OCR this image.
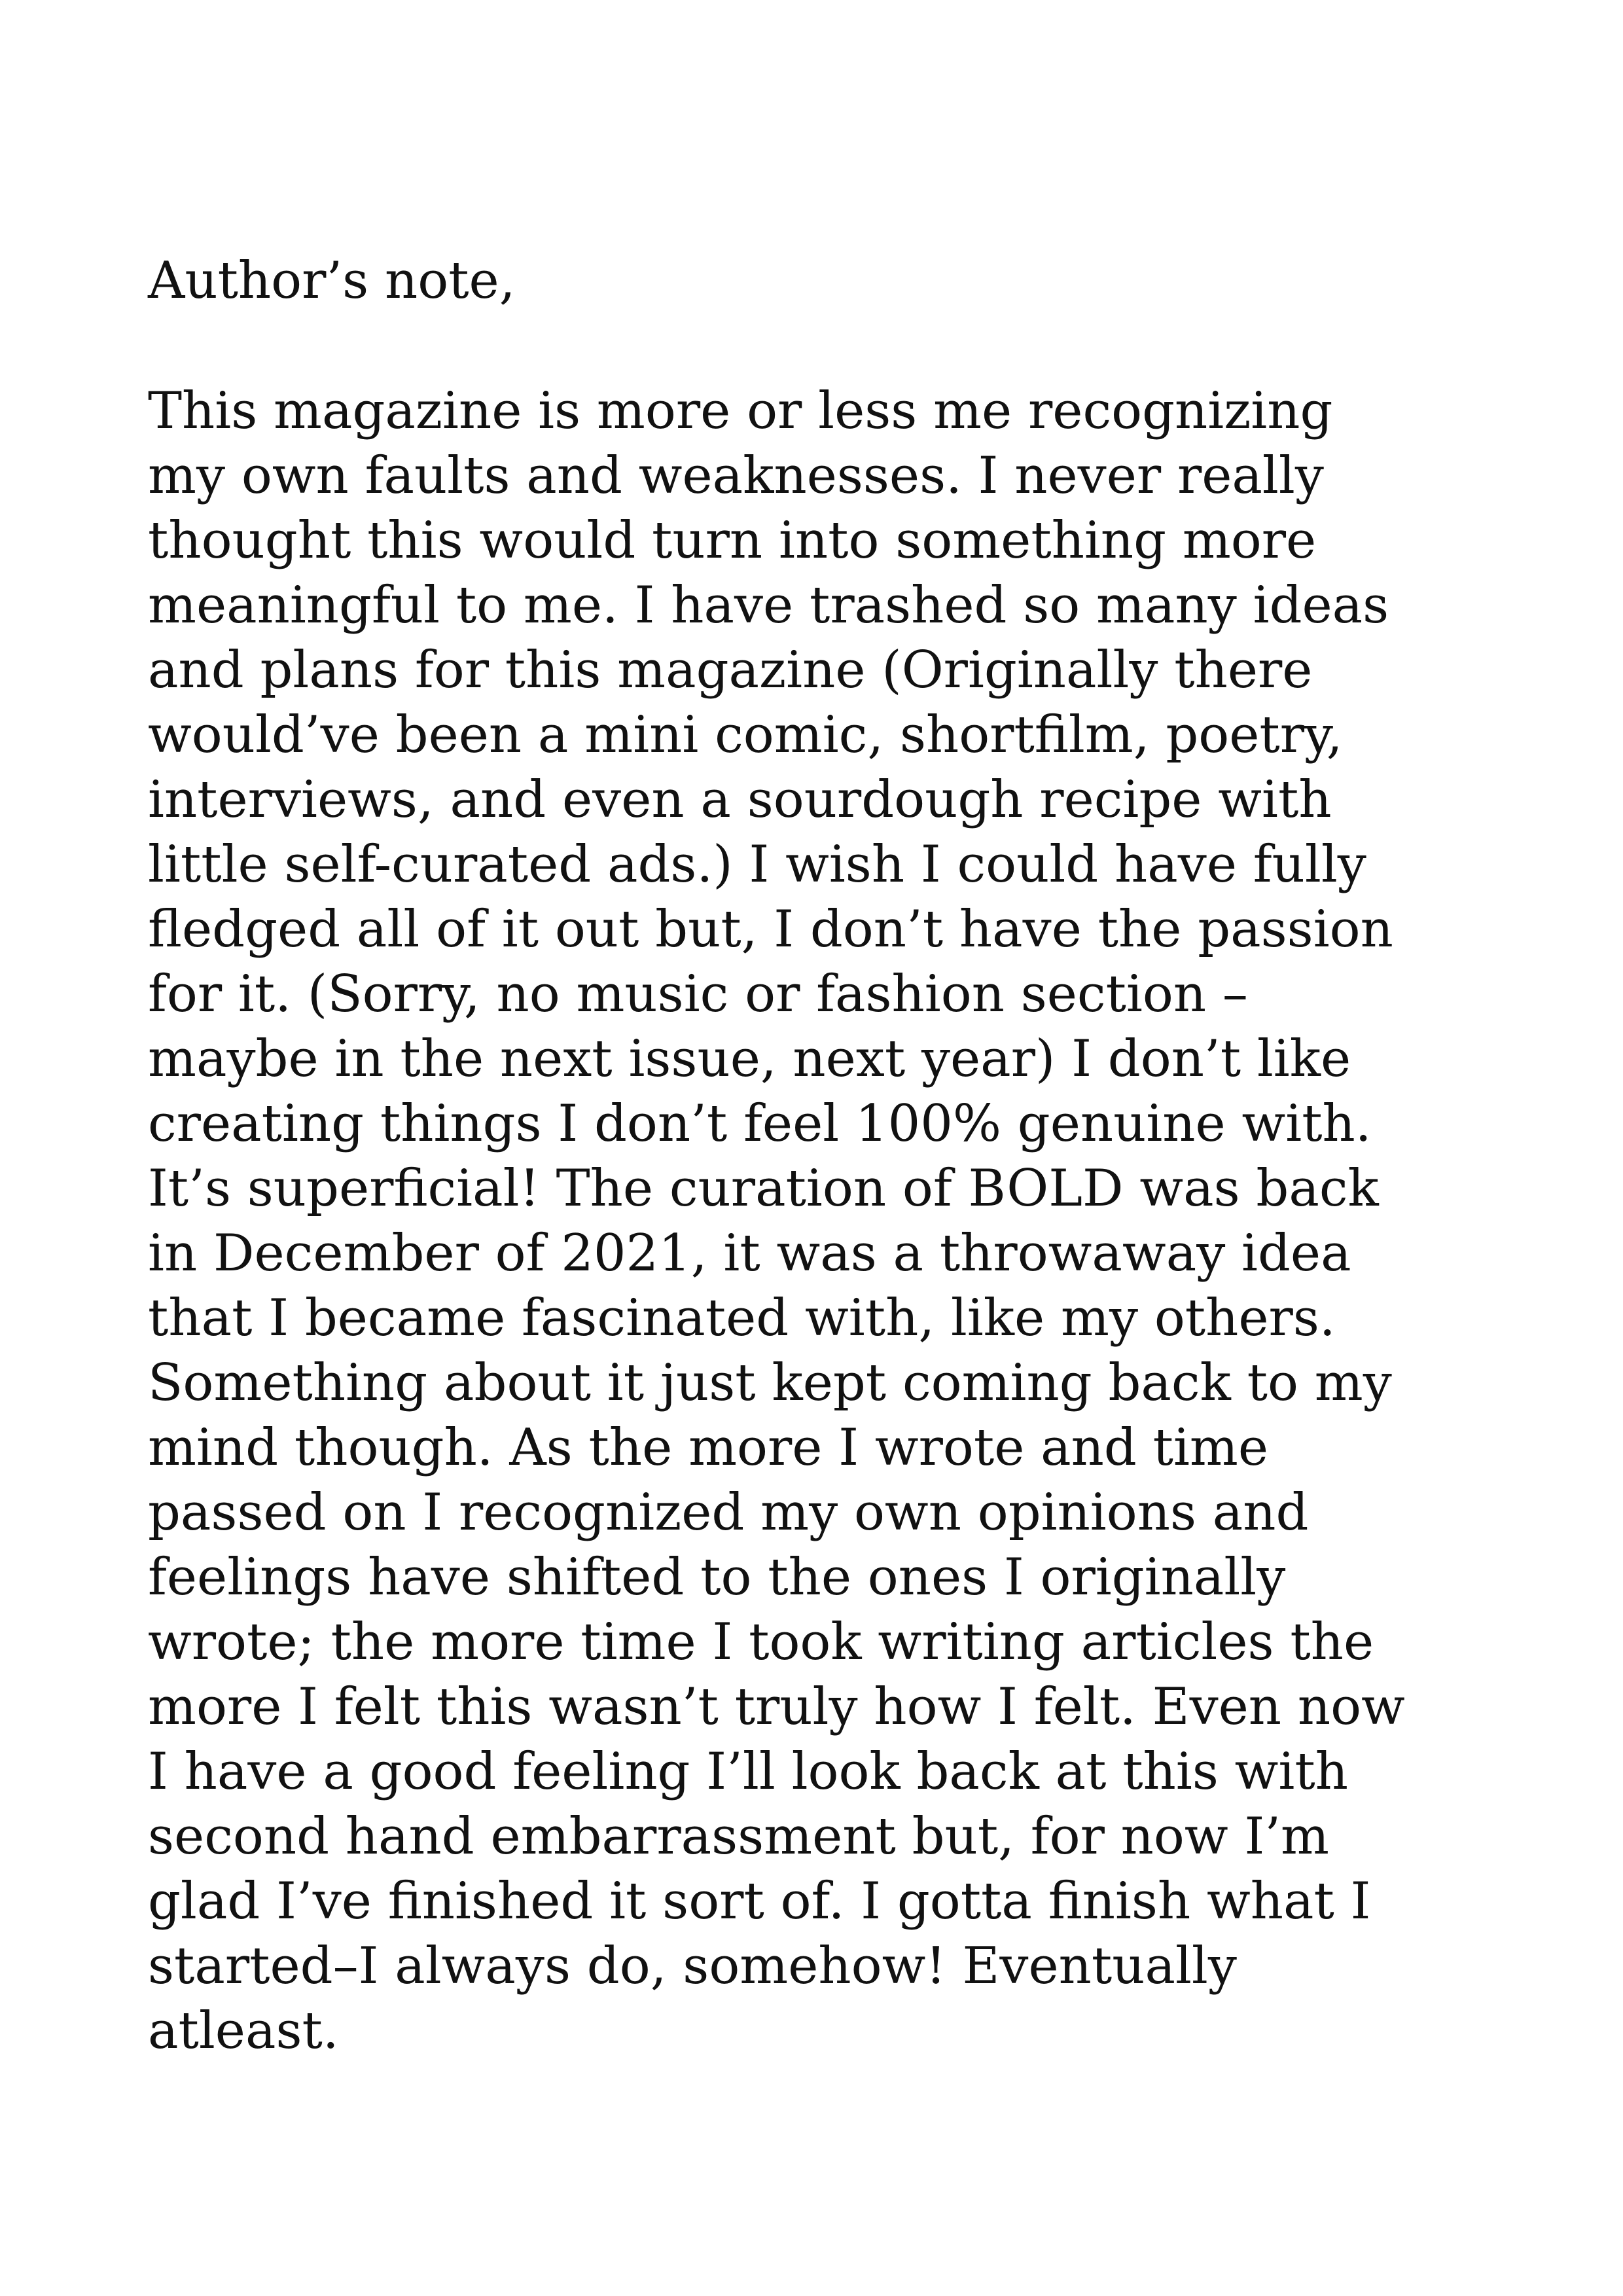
Author’s note,
This magazine is more or less me recognizing
my own faults and weaknesses. I never really
thought this would turn into something more
meaningful to me. I have trashed so many ideas
and plans for this magazine (Originally there
would’ve been a mini comic, shortfilm, poetry,
interviews, and even a sourdough recipe with
little self-curated ads.) I wish I could have fully
fledged all of it out but, I don’t have the passion
for it. (Sorry, no music or fashion section –
maybe in the next issue, next year) I don’t like
creating things I don’t feel 100% genuine with.
It’s superficial! The curation of BOLD was back
in December of 2021, it was a throwaway idea
that I became fascinated with, like my others.
Something about it just kept coming back to my
mind though. As the more I wrote and time
passed on I recognized my own opinions and
feelings have shifted to the ones I originally
wrote; the more time I took writing articles the
more I felt this wasn’t truly how I felt. Even now
I have a good feeling I’ll look back at this with
second hand embarrassment but, for now I’m
glad I’ve finished it sort of. I gotta finish what I
started–I always do, somehow! Eventually
atleast.
